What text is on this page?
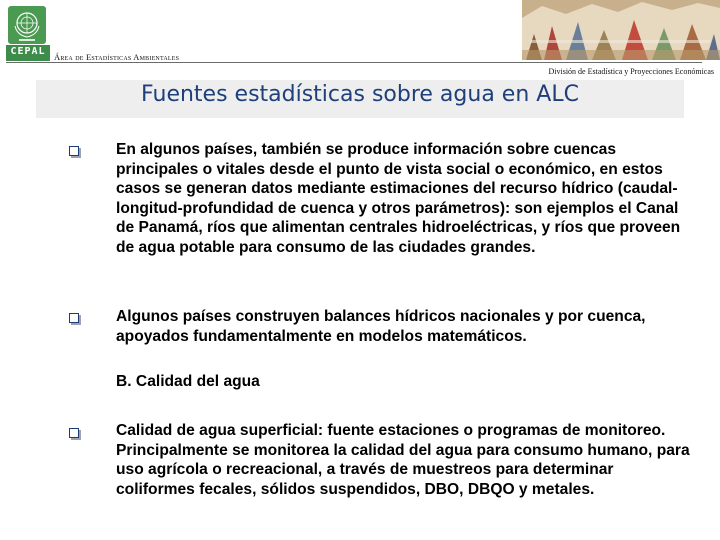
CEPAL Área de Estadísticas Ambientales
División de Estadística y Proyecciones Económicas
Fuentes estadísticas sobre agua en ALC
En algunos países, también se produce información sobre cuencas principales o vitales desde el punto de vista social o económico, en estos casos se generan datos mediante estimaciones del recurso hídrico (caudal-longitud-profundidad de cuenca y otros parámetros): son ejemplos el Canal de Panamá, ríos que alimentan centrales hidroeléctricas, y ríos que proveen de agua potable para consumo de las ciudades grandes.
Algunos países construyen balances hídricos nacionales y por cuenca, apoyados fundamentalmente en modelos matemáticos.
B. Calidad del agua
Calidad de agua superficial: fuente estaciones o programas de monitoreo. Principalmente se monitorea la calidad del agua para consumo humano, para uso agrícola o recreacional, a través de muestreos para determinar coliformes fecales, sólidos suspendidos, DBO, DBQO y metales.
